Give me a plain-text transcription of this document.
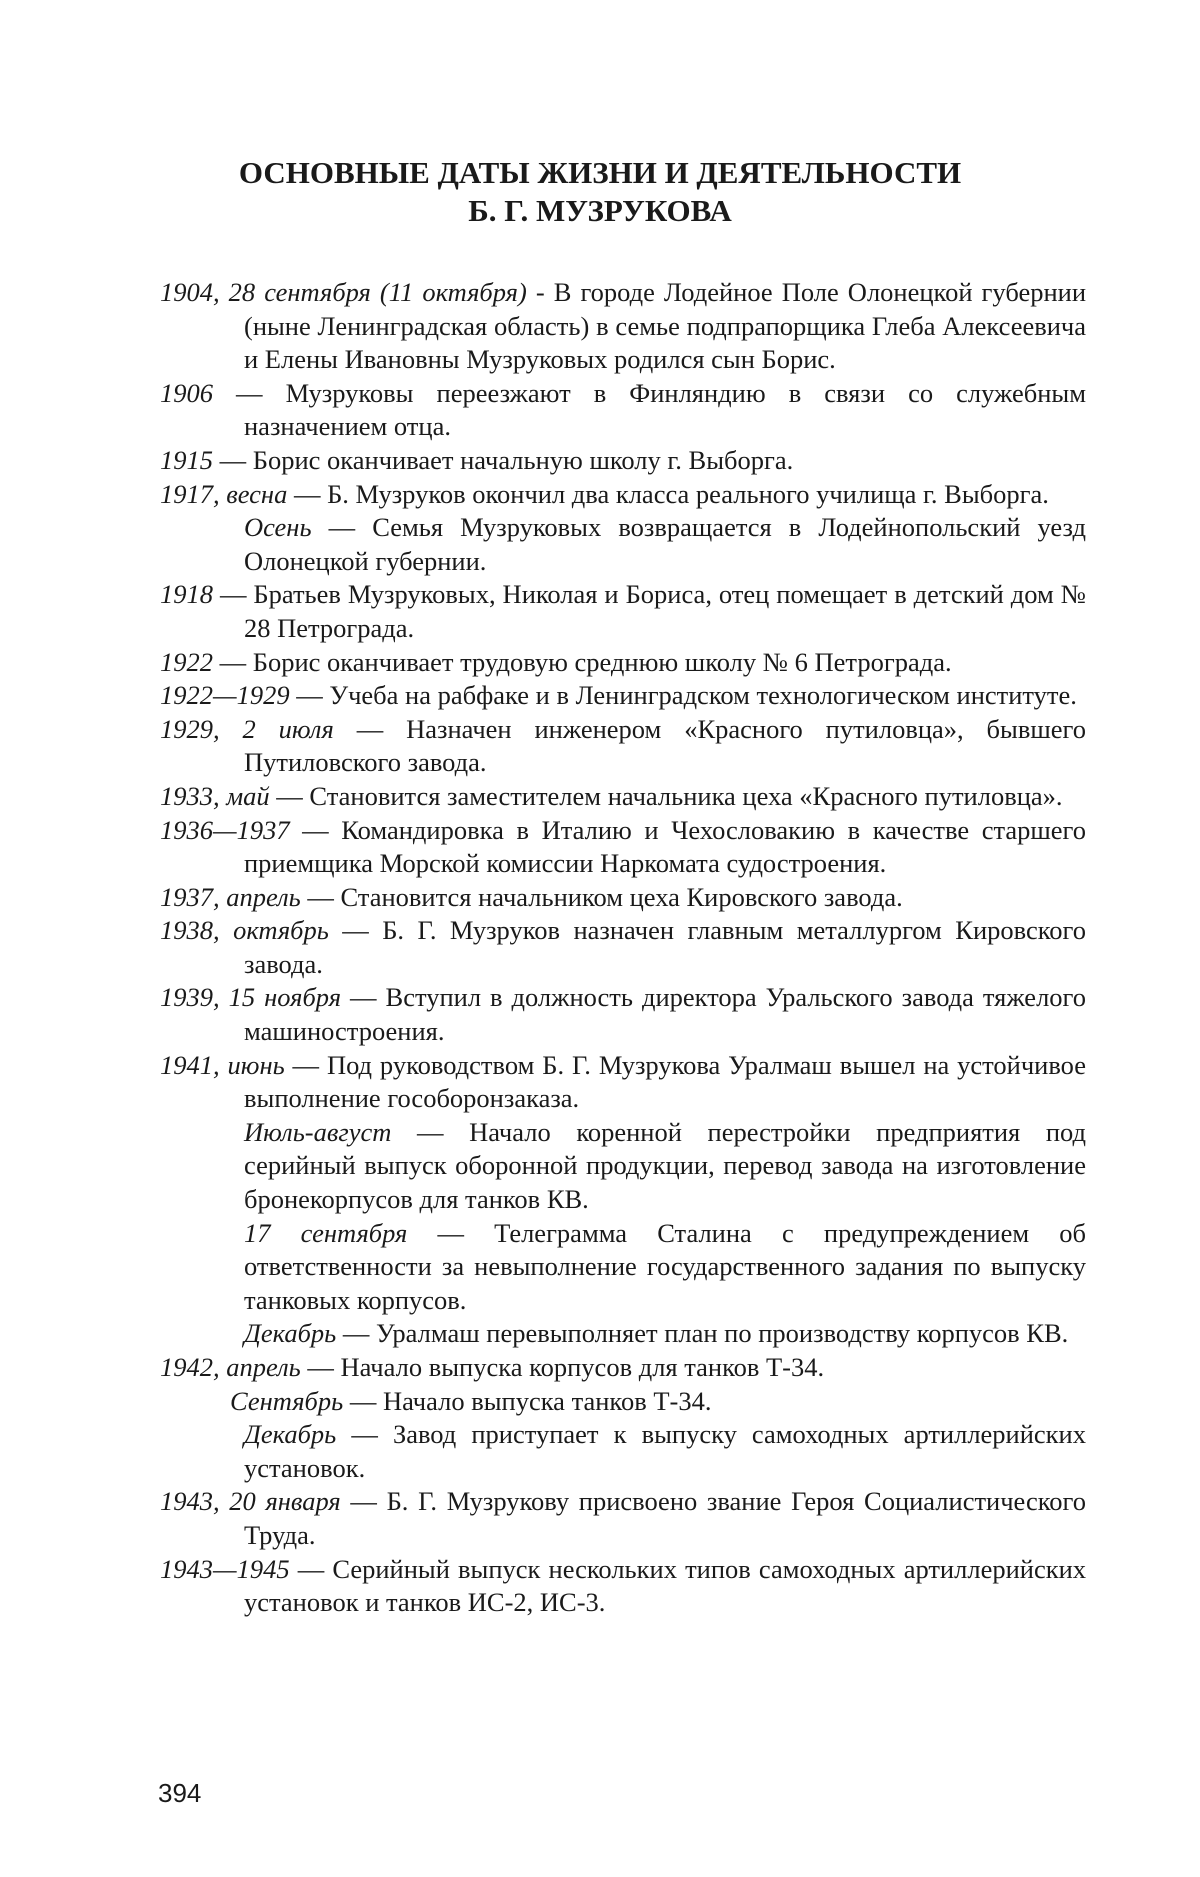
ОСНОВНЫЕ ДАТЫ ЖИЗНИ И ДЕЯТЕЛЬНОСТИ
Б. Г. МУЗРУКОВА

1904, 28 сентября (11 октября) - В городе Лодейное Поле Олонецкой губернии (ныне Ленинградская область) в семье подпрапорщика Глеба Алексеевича и Елены Ивановны Музруковых родился сын Борис.

1906 — Музруковы переезжают в Финляндию в связи со служебным назначением отца.

1915 — Борис оканчивает начальную школу г. Выборга.

1917, весна — Б. Музруков окончил два класса реального училища г. Выборга.

Осень — Семья Музруковых возвращается в Лодейнопольский уезд Олонецкой губернии.

1918 — Братьев Музруковых, Николая и Бориса, отец помещает в детский дом № 28 Петрограда.

1922 — Борис оканчивает трудовую среднюю школу № 6 Петрограда.

1922—1929 — Учеба на рабфаке и в Ленинградском технологическом институте.

1929, 2 июля — Назначен инженером «Красного путиловца», бывшего Путиловского завода.

1933, май — Становится заместителем начальника цеха «Красного путиловца».

1936—1937 — Командировка в Италию и Чехословакию в качестве старшего приемщика Морской комиссии Наркомата судостроения.

1937, апрель — Становится начальником цеха Кировского завода.

1938, октябрь — Б. Г. Музруков назначен главным металлургом Кировского завода.

1939, 15 ноября — Вступил в должность директора Уральского завода тяжелого машиностроения.

1941, июнь — Под руководством Б. Г. Музрукова Уралмаш вышел на устойчивое выполнение гособоронзаказа.

Июль-август — Начало коренной перестройки предприятия под серийный выпуск оборонной продукции, перевод завода на изготовление бронекорпусов для танков КВ.

17 сентября — Телеграмма Сталина с предупреждением об ответственности за невыполнение государственного задания по выпуску танковых корпусов.

Декабрь — Уралмаш перевыполняет план по производству корпусов КВ.

1942, апрель — Начало выпуска корпусов для танков Т-34.

Сентябрь — Начало выпуска танков Т-34.

Декабрь — Завод приступает к выпуску самоходных артиллерийских установок.

1943, 20 января — Б. Г. Музрукову присвоено звание Героя Социалистического Труда.

1943—1945 — Серийный выпуск нескольких типов самоходных артиллерийских установок и танков ИС-2, ИС-3.

394
